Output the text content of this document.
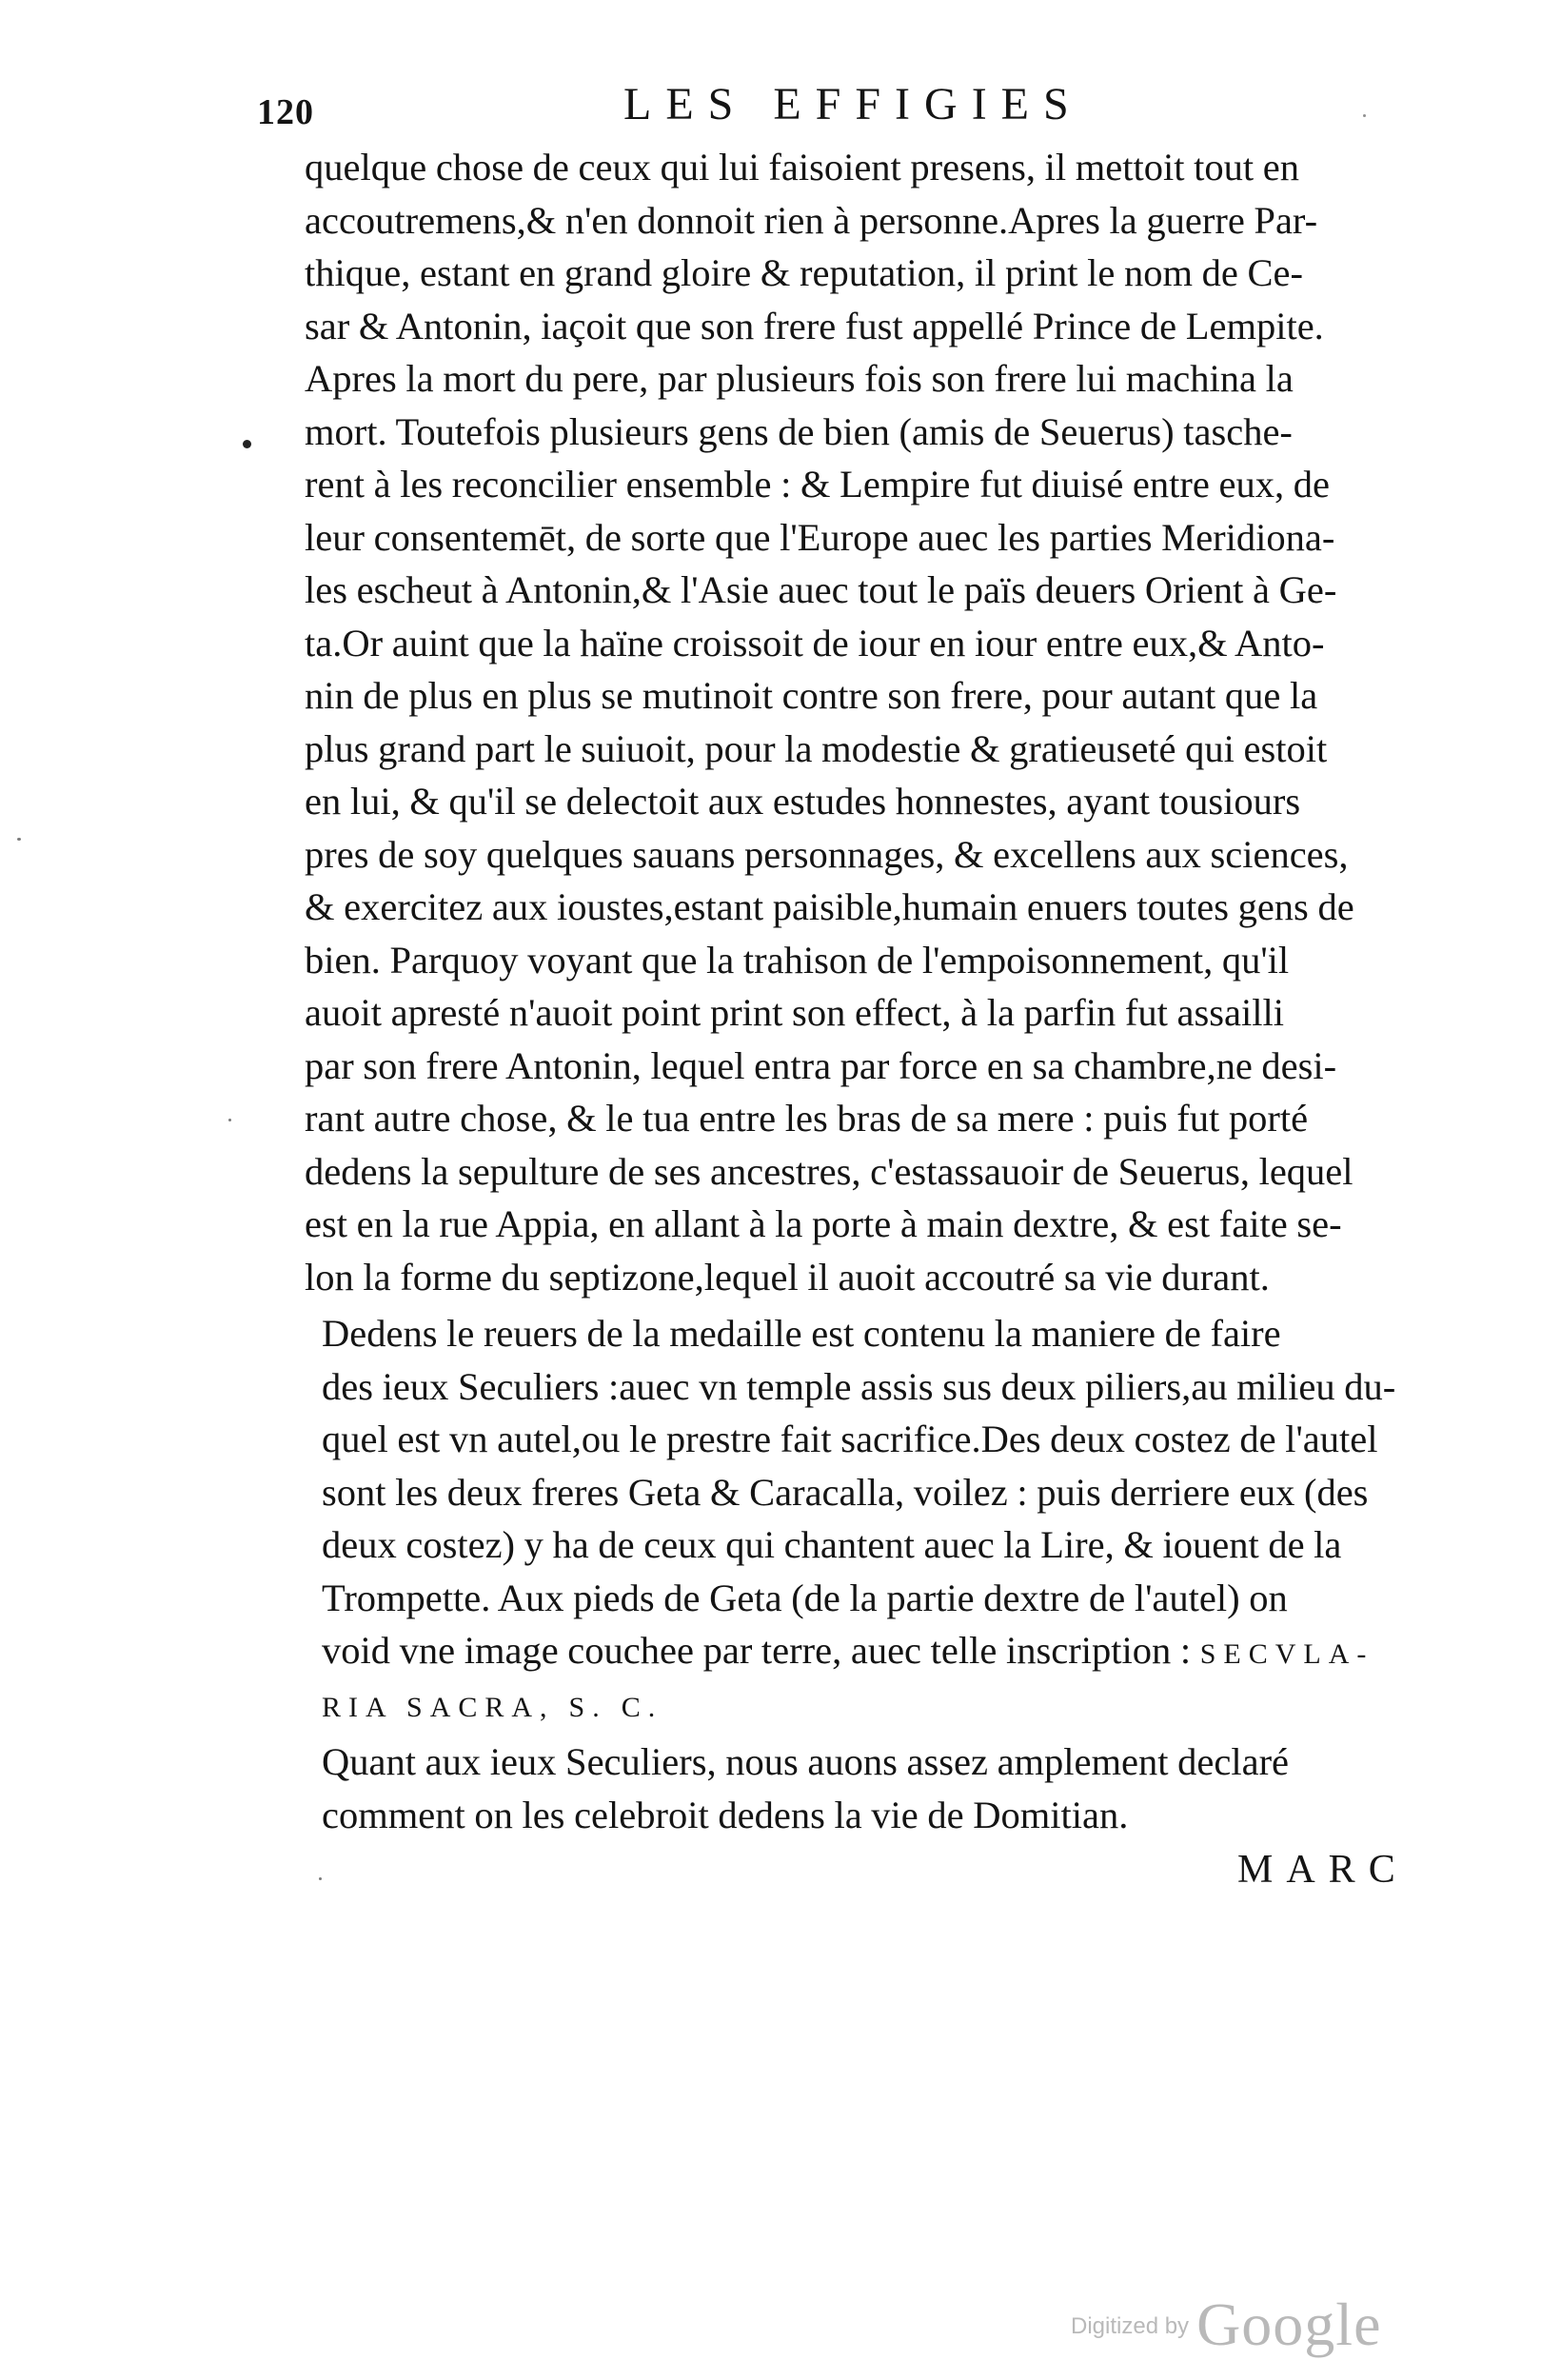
120	LES EFFIGIES
quelque chose de ceux qui lui faisoient presens, il mettoit tout en
accoutremens,& n'en donnoit rien à personne.Apres la guerre Par-
thique, estant en grand gloire & reputation, il print le nom de Ce-
sar & Antonin, iaçoit que son frere fust appellé Prince de Lempite.
Apres la mort du pere, par plusieurs fois son frere lui machina la
mort. Toutefois plusieurs gens de bien (amis de Seuerus) tasche-
rent à les reconcilier ensemble : & Lempire fut diuisé entre eux, de
leur consentemēt, de sorte que l'Europe auec les parties Meridiona-
les escheut à Antonin,& l'Asie auec tout le païs deuers Orient à Ge-
ta.Or auint que la haïne croissoit de iour en iour entre eux,& Anto-
nin de plus en plus se mutinoit contre son frere, pour autant que la
plus grand part le suiuoit, pour la modestie & gratieuseté qui estoit
en lui, & qu'il se delectoit aux estudes honnestes, ayant tousiours
pres de soy quelques sauans personnages, & excellens aux sciences,
& exercitez aux ioustes,estant paisible,humain enuers toutes gens de
bien. Parquoy voyant que la trahison de l'empoisonnement, qu'il
auoit apresté n'auoit point print son effect, à la parfin fut assailli
par son frere Antonin, lequel entra par force en sa chambre,ne desi-
rant autre chose, & le tua entre les bras de sa mere : puis fut porté
dedens la sepulture de ses ancestres, c'estassauoir de Seuerus, lequel
est en la rue Appia, en allant à la porte à main dextre, & est faite se-
lon la forme du septizone,lequel il auoit accoutré sa vie durant.
Dedens le reuers de la medaille est contenu la maniere de faire
des ieux Seculiers :auec vn temple assis sus deux piliers,au milieu du-
quel est vn autel,ou le prestre fait sacrifice.Des deux costez de l'autel
sont les deux freres Geta & Caracalla, voilez : puis derriere eux (des
deux costez) y ha de ceux qui chantent auec la Lire, & iouent de la
Trompette. Aux pieds de Geta (de la partie dextre de l'autel) on
void vne image couchee par terre, auec telle inscription : SECVLA-
RIA SACRA, S. C.
Quant aux ieux Seculiers, nous auons assez amplement declaré
comment on les celebroit dedens la vie de Domitian.
MARC
Digitized by Google
